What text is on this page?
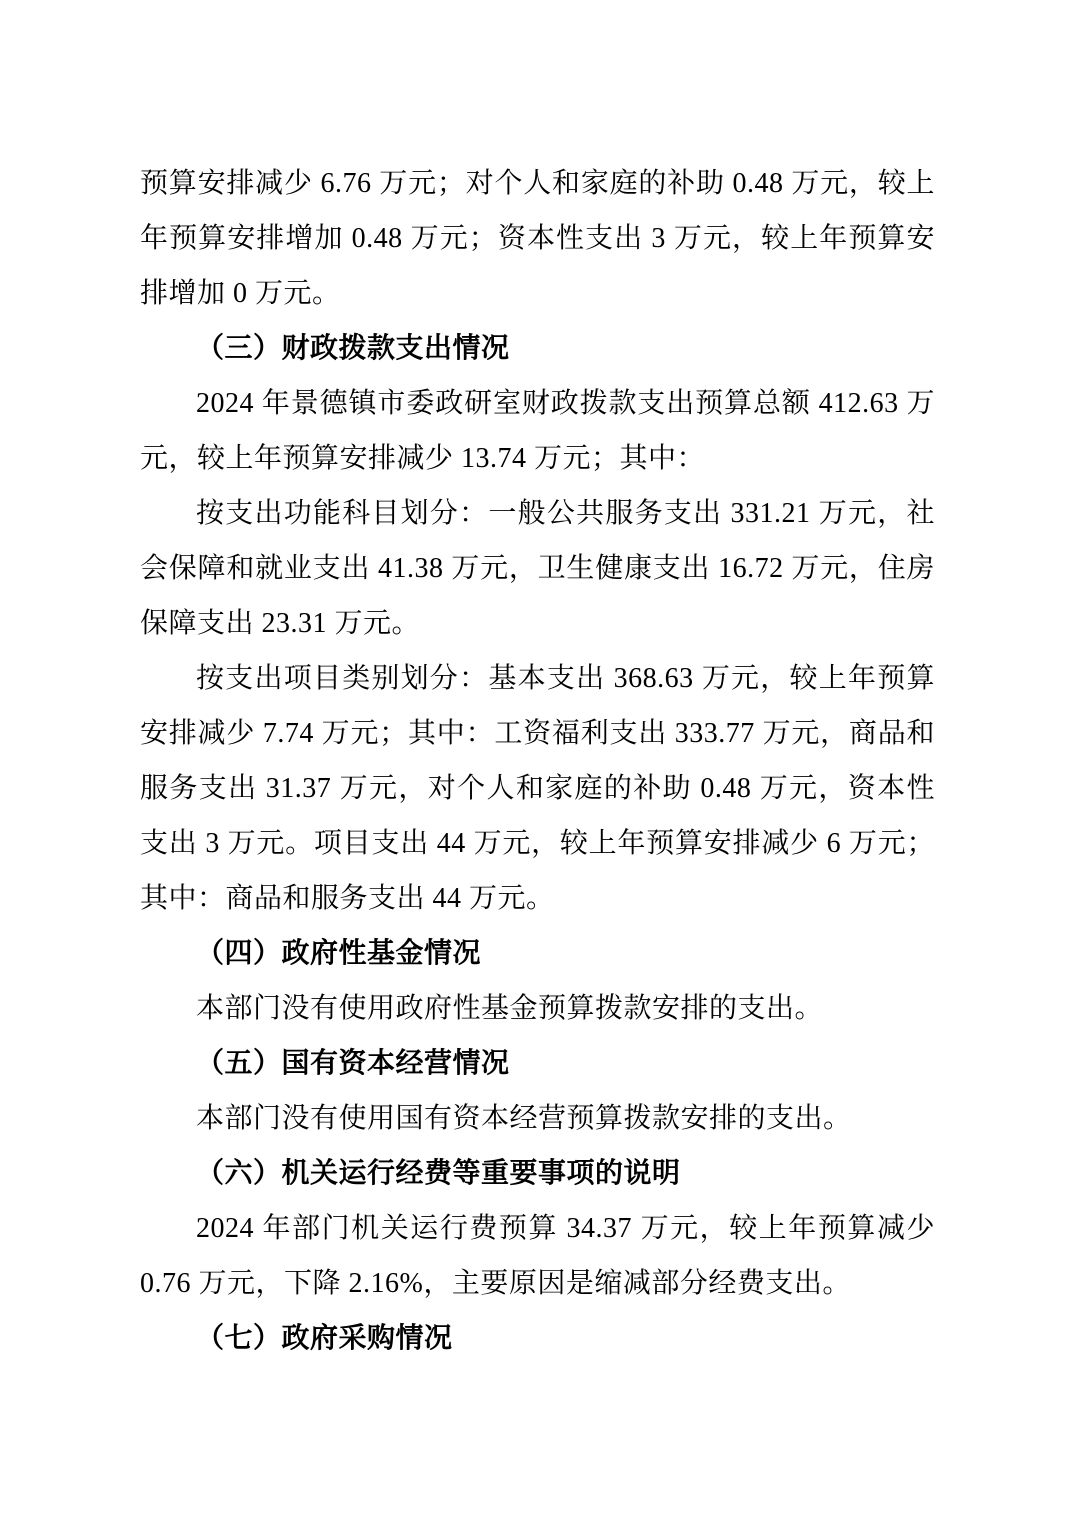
预算安排减少 6.76 万元；对个人和家庭的补助 0.48 万元，较上年预算安排增加 0.48 万元；资本性支出 3 万元，较上年预算安排增加 0 万元。

（三）财政拨款支出情况

2024 年景德镇市委政研室财政拨款支出预算总额 412.63 万元，较上年预算安排减少 13.74 万元；其中：

按支出功能科目划分：一般公共服务支出 331.21 万元，社会保障和就业支出 41.38 万元，卫生健康支出 16.72 万元，住房保障支出 23.31 万元。

按支出项目类别划分：基本支出 368.63 万元，较上年预算安排减少 7.74 万元；其中：工资福利支出 333.77 万元，商品和服务支出 31.37 万元，对个人和家庭的补助 0.48 万元，资本性支出 3 万元。项目支出 44 万元，较上年预算安排减少 6 万元；其中：商品和服务支出 44 万元。

（四）政府性基金情况

本部门没有使用政府性基金预算拨款安排的支出。

（五）国有资本经营情况

本部门没有使用国有资本经营预算拨款安排的支出。

（六）机关运行经费等重要事项的说明

2024 年部门机关运行费预算 34.37 万元，较上年预算减少 0.76 万元，下降 2.16%，主要原因是缩减部分经费支出。

（七）政府采购情况
